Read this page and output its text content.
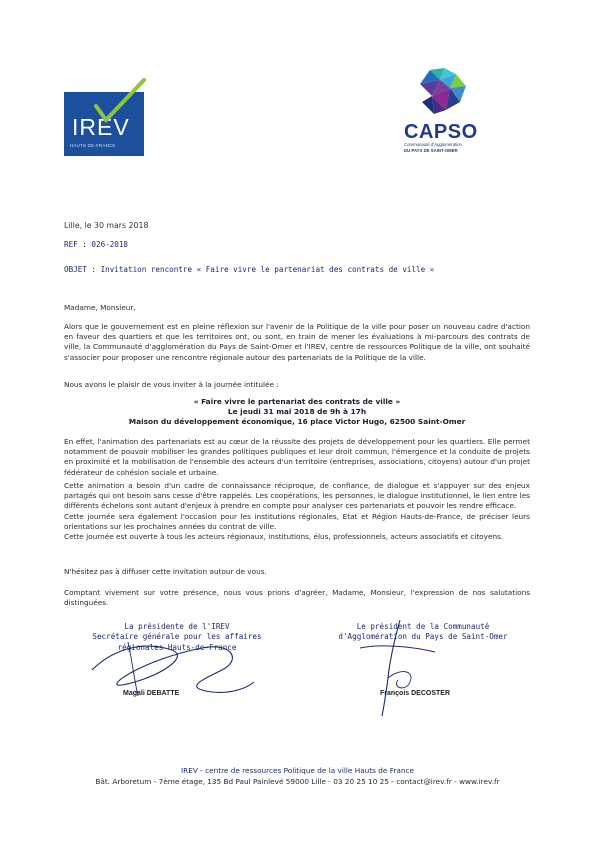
IREV
HAUTS-DE-FRANCE
CAPSO
Communauté d'Agglomération
DU PAYS DE SAINT-OMER
Lille, le 30 mars 2018
REF : 026-2018
OBJET : Invitation rencontre « Faire vivre le partenariat des contrats de ville »
Madame, Monsieur,
Alors que le gouvernement est en pleine réflexion sur l'avenir de la Politique de la ville pour poser un nouveau cadre d'action en faveur des quartiers et que les territoires ont, ou sont, en train de mener les évaluations à mi-parcours des contrats de ville, la Communauté d'agglomération du Pays de Saint-Omer et l'IREV, centre de ressources Politique de la ville, ont souhaité s'associer pour proposer une rencontre régionale autour des partenariats de la Politique de la ville.
Nous avons le plaisir de vous inviter à la journée intitulée :
« Faire vivre le partenariat des contrats de ville »
Le jeudi 31 mai 2018 de 9h à 17h
Maison du développement économique, 16 place Victor Hugo, 62500 Saint-Omer
En effet, l'animation des partenariats est au cœur de la réussite des projets de développement pour les quartiers. Elle permet notamment de pouvoir mobiliser les grandes politiques publiques et leur droit commun, l'émergence et la conduite de projets en proximité et la mobilisation de l'ensemble des acteurs d'un territoire (entreprises, associations, citoyens) autour d'un projet fédérateur de cohésion sociale et urbaine.

Cette animation a besoin d'un cadre de connaissance réciproque, de confiance, de dialogue et s'appuyer sur des enjeux partagés qui ont besoin sans cesse d'être rappelés. Les coopérations, les personnes, le dialogue institutionnel, le lien entre les différents échelons sont autant d'enjeux à prendre en compte pour analyser ces partenariats et pouvoir les rendre efficace.

Cette journée sera également l'occasion pour les institutions régionales, Etat et Région Hauts-de-France, de préciser leurs orientations sur les prochaines années du contrat de ville.

Cette journée est ouverte à tous les acteurs régionaux, institutions, élus, professionnels, acteurs associatifs et citoyens.

N'hésitez pas à diffuser cette invitation autour de vous.
Comptant vivement sur votre présence, nous vous prions d'agréer, Madame, Monsieur, l'expression de nos salutations distinguées.
La présidente de l'IREV
Secrétaire générale pour les affaires
régionales Hauts-de-France
Le président de la Communauté
d'Agglomération du Pays de Saint-Omer
Magali DEBATTE	François DECOSTER
IREV - centre de ressources Politique de la ville Hauts de France
Bât. Arboretum - 7ème étage, 135 Bd Paul Painlevé 59000 Lille - 03 20 25 10 25 - contact@irev.fr - www.irev.fr
